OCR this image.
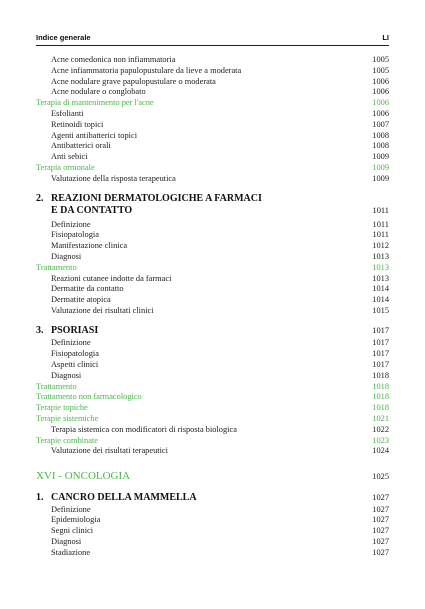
Indice generale	LI
Acne comedonica non infiammatoria	1005
Acne infiammatoria papulopustulare da lieve a moderata	1005
Acne nodulare grave papulopustulare o moderata	1006
Acne nodulare o conglobato	1006
Terapia di mantenimento per l'acne	1006
Esfolianti	1006
Retinoidi topici	1007
Agenti antibatterici topici	1008
Antibatterici orali	1008
Anti sebici	1009
Terapia ormonale	1009
Valutazione della risposta terapeutica	1009
2. REAZIONI DERMATOLOGICHE A FARMACI
E DA CONTATTO	1011
Definizione	1011
Fisiopatologia	1011
Manifestazione clinica	1012
Diagnosi	1013
Trattamento	1013
Reazioni cutanee indotte da farmaci	1013
Dermatite da contatto	1014
Dermatite atopica	1014
Valutazione dei risultati clinici	1015
3. PSORIASI	1017
Definizione	1017
Fisiopatologia	1017
Aspetti clinici	1017
Diagnosi	1018
Trattamento	1018
Trattamento non farmacologico	1018
Terapie topiche	1018
Terapie sistemiche	1021
Terapia sistemica con modificatori di risposta biologica	1022
Terapie combinate	1023
Valutazione dei risultati terapeutici	1024
XVI - ONCOLOGIA	1025
1. CANCRO DELLA MAMMELLA	1027
Definizione	1027
Epidemiologia	1027
Segni clinici	1027
Diagnosi	1027
Stadiazione	1027
